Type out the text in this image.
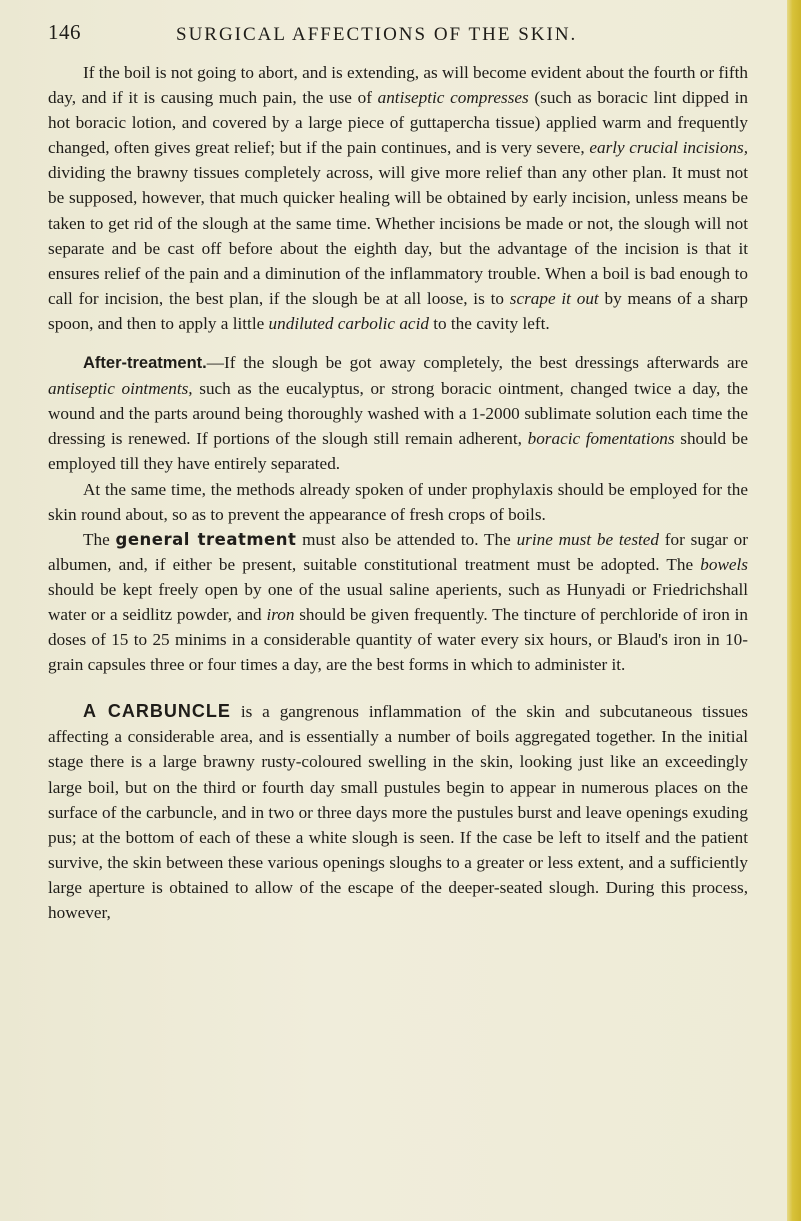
146	SURGICAL AFFECTIONS OF THE SKIN.

If the boil is not going to abort, and is extending, as will become evident about the fourth or fifth day, and if it is causing much pain, the use of antiseptic compresses (such as boracic lint dipped in hot boracic lotion, and covered by a large piece of guttapercha tissue) applied warm and frequently changed, often gives great relief; but if the pain continues, and is very severe, early crucial incisions, dividing the brawny tissues completely across, will give more relief than any other plan. It must not be supposed, however, that much quicker healing will be obtained by early incision, unless means be taken to get rid of the slough at the same time. Whether incisions be made or not, the slough will not separate and be cast off before about the eighth day, but the advantage of the incision is that it ensures relief of the pain and a diminution of the inflammatory trouble. When a boil is bad enough to call for incision, the best plan, if the slough be at all loose, is to scrape it out by means of a sharp spoon, and then to apply a little undiluted carbolic acid to the cavity left.

After-treatment.—If the slough be got away completely, the best dressings afterwards are antiseptic ointments, such as the eucalyptus, or strong boracic ointment, changed twice a day, the wound and the parts around being thoroughly washed with a 1-2000 sublimate solution each time the dressing is renewed. If portions of the slough still remain adherent, boracic fomentations should be employed till they have entirely separated.

At the same time, the methods already spoken of under prophylaxis should be employed for the skin round about, so as to prevent the appearance of fresh crops of boils.

The general treatment must also be attended to. The urine must be tested for sugar or albumen, and, if either be present, suitable constitutional treatment must be adopted. The bowels should be kept freely open by one of the usual saline aperients, such as Hunyadi or Friedrichshall water or a seidlitz powder, and iron should be given frequently. The tincture of perchloride of iron in doses of 15 to 25 minims in a considerable quantity of water every six hours, or Blaud's iron in 10-grain capsules three or four times a day, are the best forms in which to administer it.

A CARBUNCLE is a gangrenous inflammation of the skin and subcutaneous tissues affecting a considerable area, and is essentially a number of boils aggregated together. In the initial stage there is a large brawny rusty-coloured swelling in the skin, looking just like an exceedingly large boil, but on the third or fourth day small pustules begin to appear in numerous places on the surface of the carbuncle, and in two or three days more the pustules burst and leave openings exuding pus; at the bottom of each of these a white slough is seen. If the case be left to itself and the patient survive, the skin between these various openings sloughs to a greater or less extent, and a sufficiently large aperture is obtained to allow of the escape of the deeper-seated slough. During this process, however,
